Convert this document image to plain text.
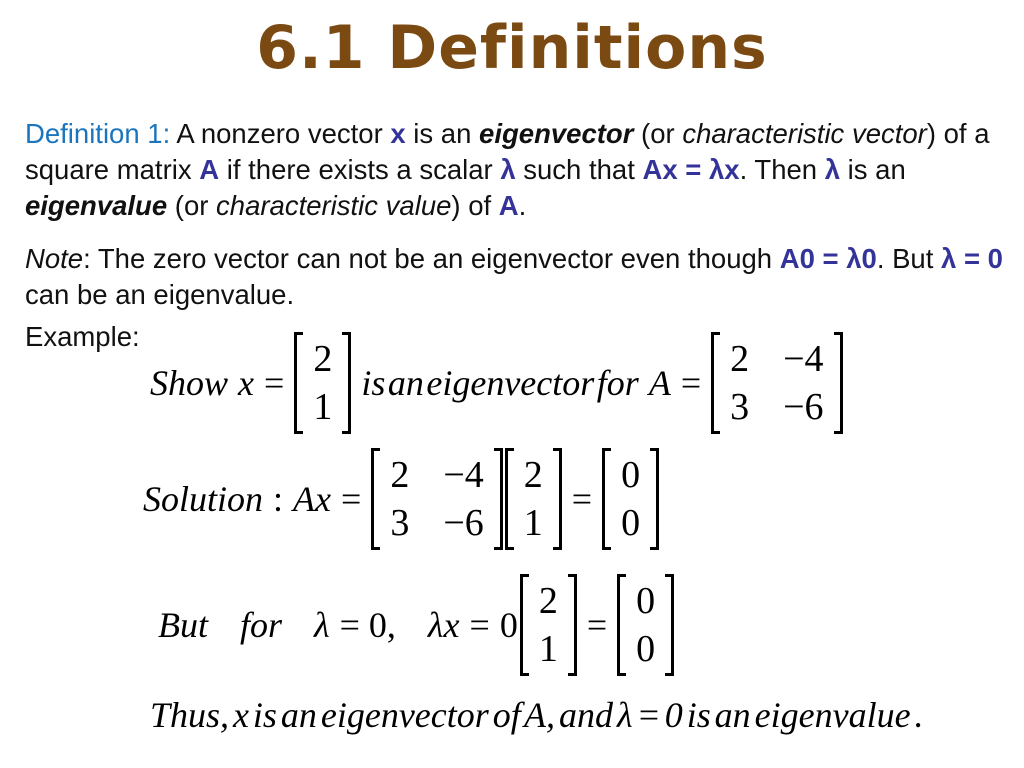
6.1 Definitions
Definition 1: A nonzero vector x is an eigenvector (or characteristic vector) of a square matrix A if there exists a scalar λ such that Ax = λx. Then λ is an eigenvalue (or characteristic value) of A.
Note: The zero vector can not be an eigenvector even though A0 = λ0. But λ = 0 can be an eigenvalue.
Example:
Show x =
2
1
is an eigenvector for A =
2 −4
3 −6
Solution : Ax =
2 −4
3 −6
2
1
=
0
0
But for λ = 0, λx = 0
2
1
=
0
0
Thus, x is an eigenvector of A, and λ = 0 is an eigenvalue .
